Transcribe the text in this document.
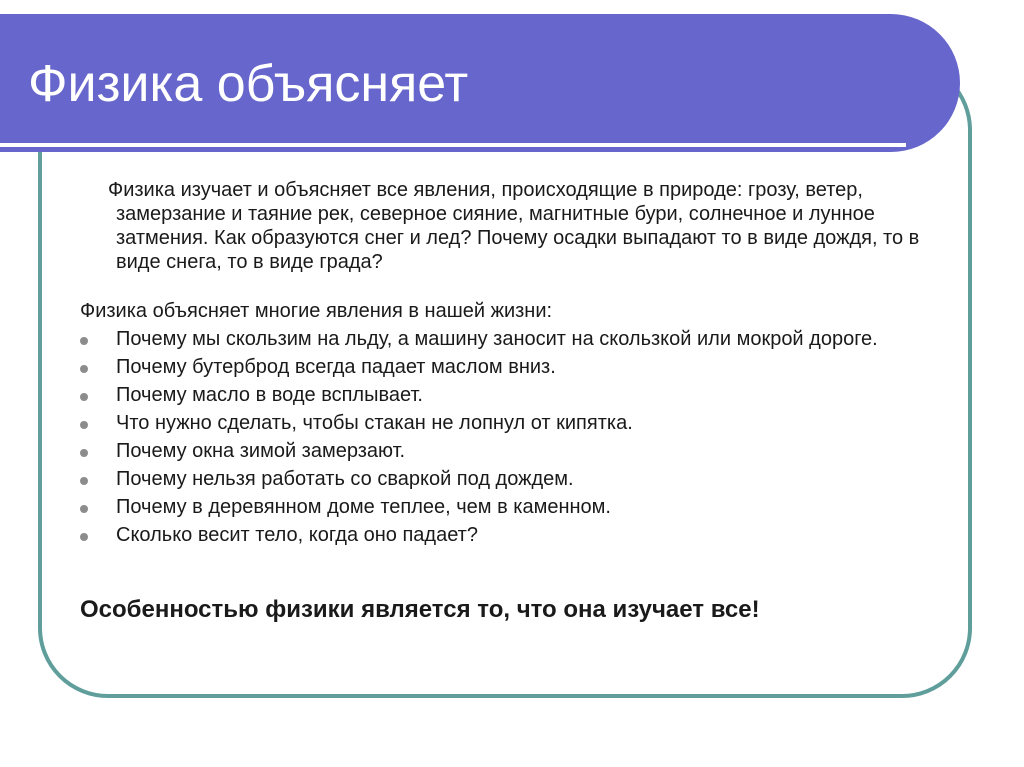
Физика объясняет

Физика изучает и объясняет все явления, происходящие в природе: грозу, ветер, замерзание и таяние рек, северное сияние, магнитные бури, солнечное и лунное затмения. Как образуются снег и лед? Почему осадки выпадают то в виде дождя, то в виде снега, то в виде града?

Физика объясняет многие явления в нашей жизни:

Почему мы скользим на льду, а машину заносит на скользкой или мокрой дороге.
Почему бутерброд всегда падает маслом вниз.
Почему масло в воде всплывает.
Что нужно сделать, чтобы стакан не лопнул от кипятка.
Почему окна зимой замерзают.
Почему нельзя работать со сваркой под дождем.
Почему в деревянном доме теплее, чем в каменном.
Сколько весит тело, когда оно падает?

Особенностью физики является то, что она изучает все!
